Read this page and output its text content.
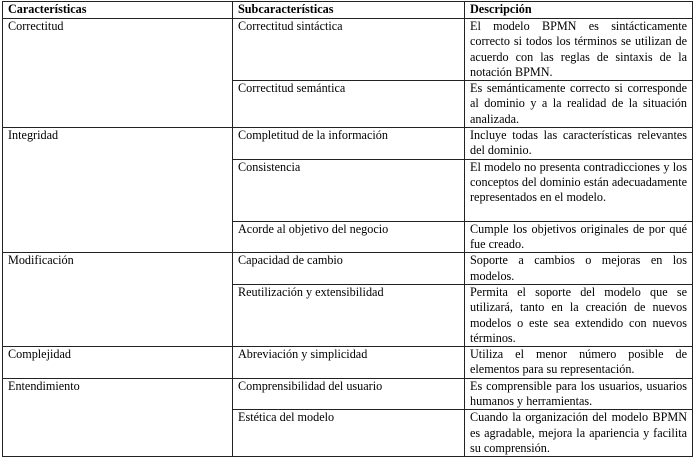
Características	Subcaracterísticas	Descripción
Correctitud	Correctitud sintáctica	El modelo BPMN es sintácticamente correcto si todos los términos se utilizan de acuerdo con las reglas de sintaxis de la notación BPMN.
	Correctitud semántica	Es semánticamente correcto si corresponde al dominio y a la realidad de la situación analizada.
Integridad	Completitud de la información	Incluye todas las características relevantes del dominio.
	Consistencia	El modelo no presenta contradicciones y los conceptos del dominio están adecuadamente representados en el modelo.
	Acorde al objetivo del negocio	Cumple los objetivos originales de por qué fue creado.
Modificación	Capacidad de cambio	Soporte a cambios o mejoras en los modelos.
	Reutilización y extensibilidad	Permita el soporte del modelo que se utilizará, tanto en la creación de nuevos modelos o este sea extendido con nuevos términos.
Complejidad	Abreviación y simplicidad	Utiliza el menor número posible de elementos para su representación.
Entendimiento	Comprensibilidad del usuario	Es comprensible para los usuarios, usuarios humanos y herramientas.
	Estética del modelo	Cuando la organización del modelo BPMN es agradable, mejora la apariencia y facilita su comprensión.
